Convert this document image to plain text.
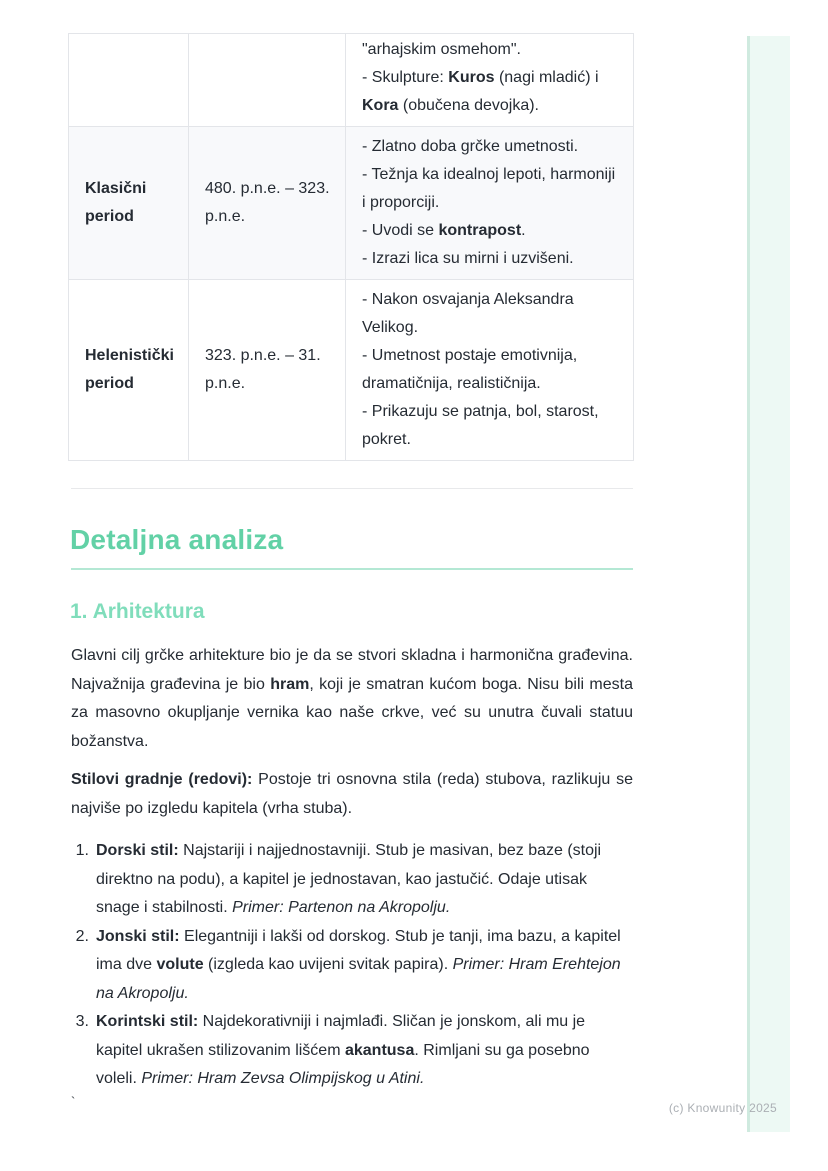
		"arhajskim osmehom".
- Skulpture: Kuros (nagi mladić) i Kora (obučena devojka).

Klasični period	480. p.n.e. – 323. p.n.e.	- Zlatno doba grčke umetnosti.
- Težnja ka idealnoj lepoti, harmoniji i proporciji.
- Uvodi se kontrapost.
- Izrazi lica su mirni i uzvišeni.

Helenistički period	323. p.n.e. – 31. p.n.e.	- Nakon osvajanja Aleksandra Velikog.
- Umetnost postaje emotivnija, dramatičnija, realističnija.
- Prikazuju se patnja, bol, starost, pokret.
Detaljna analiza
1. Arhitektura

Glavni cilj grčke arhitekture bio je da se stvori skladna i harmonična građevina. Najvažnija građevina je bio hram, koji je smatran kućom boga. Nisu bili mesta za masovno okupljanje vernika kao naše crkve, već su unutra čuvali statuu božanstva.

Stilovi gradnje (redovi): Postoje tri osnovna stila (reda) stubova, razlikuju se najviše po izgledu kapitela (vrha stuba).

1. Dorski stil: Najstariji i najjednostavniji. Stub je masivan, bez baze (stoji direktno na podu), a kapitel je jednostavan, kao jastučić. Odaje utisak snage i stabilnosti. Primer: Partenon na Akropolju.
2. Jonski stil: Elegantniji i lakši od dorskog. Stub je tanji, ima bazu, a kapitel ima dve volute (izgleda kao uvijeni svitak papira). Primer: Hram Erehtejon na Akropolju.
3. Korintski stil: Najdekorativniji i najmlađi. Sličan je jonskom, ali mu je kapitel ukrašen stilizovanim lišćem akantusa. Rimljani su ga posebno voleli. Primer: Hram Zevsa Olimpijskog u Atini.
`	(c) Knowunity 2025
